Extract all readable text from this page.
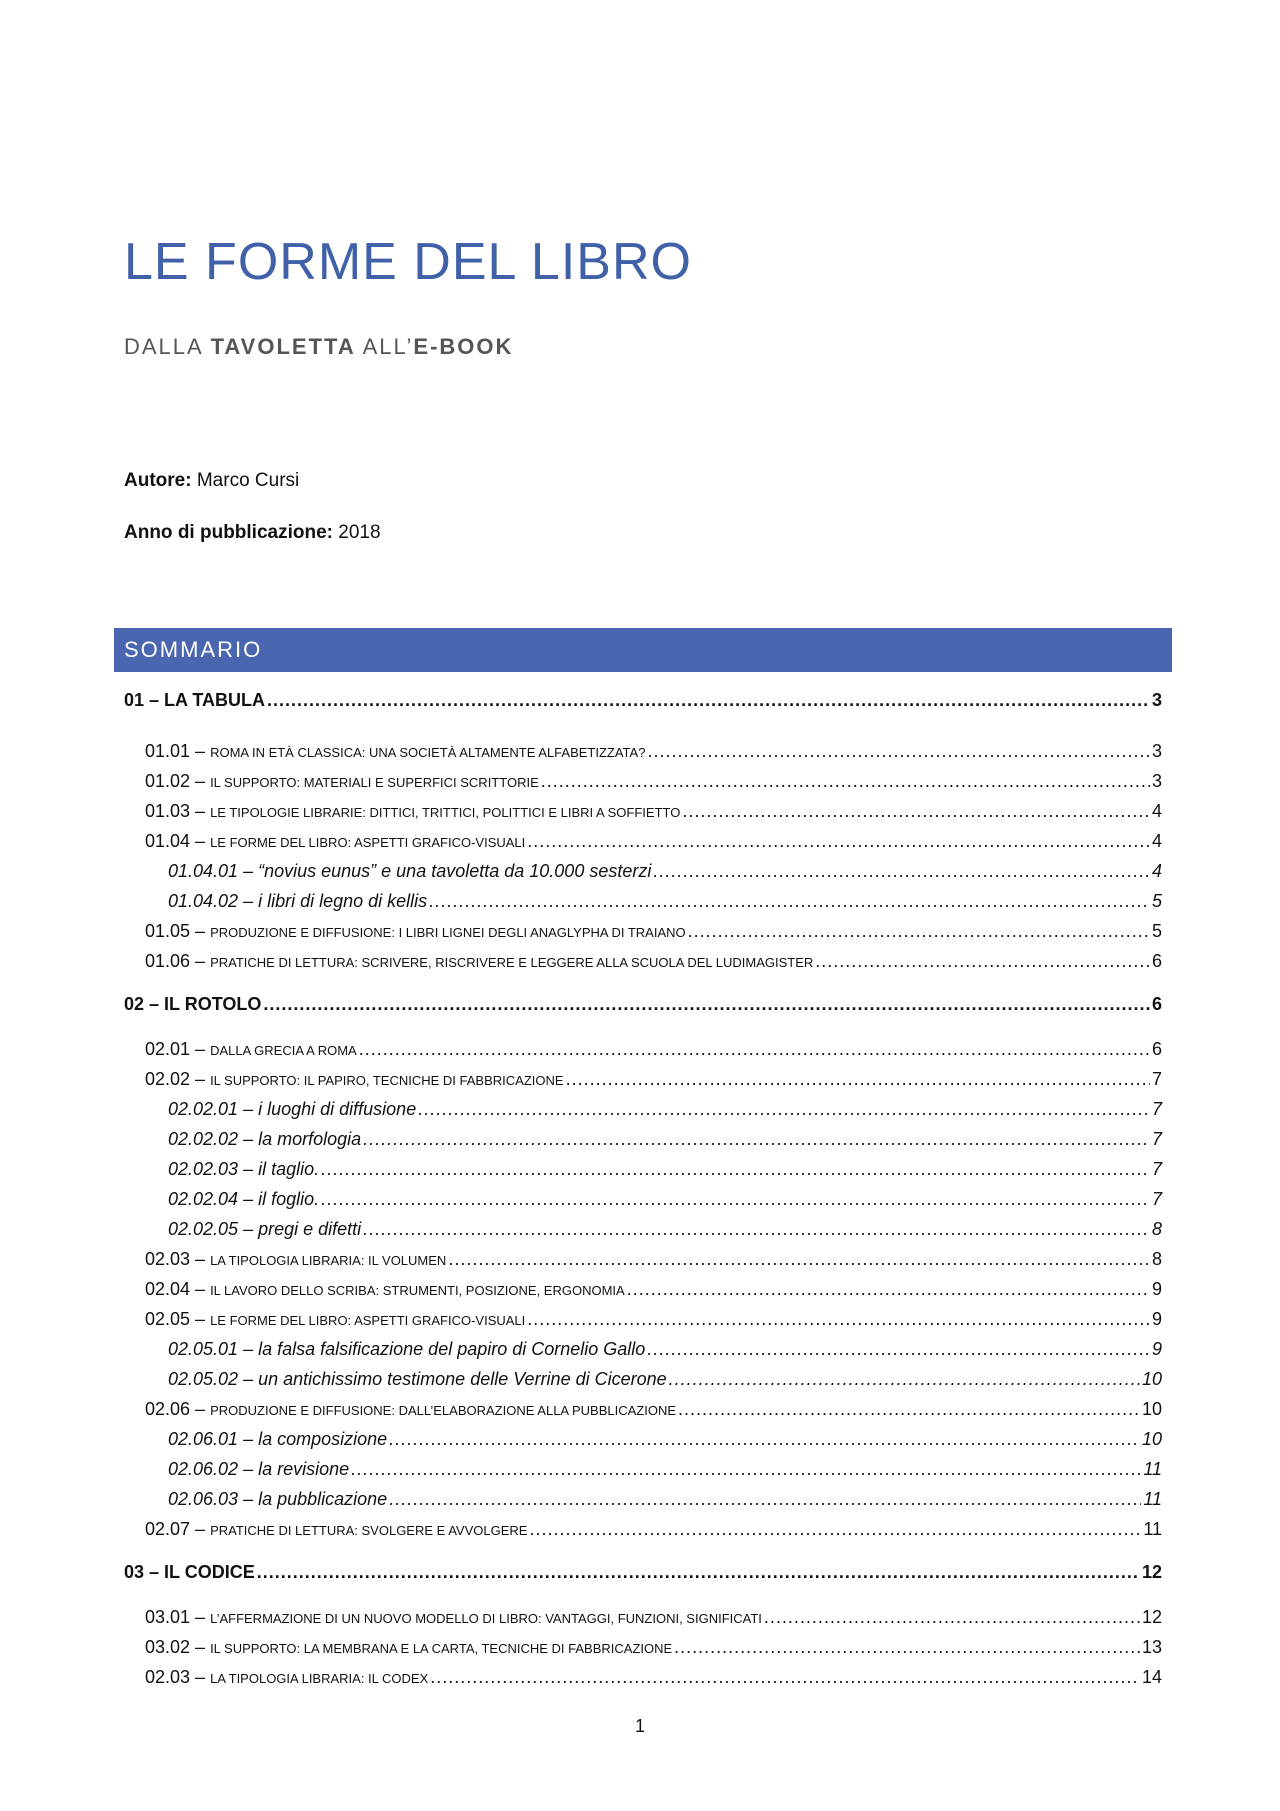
LE FORME DEL LIBRO
DALLA TAVOLETTA ALL’E-BOOK
Autore: Marco Cursi
Anno di pubblicazione: 2018
SOMMARIO
01 – LA TABULA .....	3
01.01 – ROMA IN ETÀ CLASSICA: UNA SOCIETÀ ALTAMENTE ALFABETIZZATA? .....	3
01.02 – IL SUPPORTO: MATERIALI E SUPERFICI SCRITTORIE .....	3
01.03 – LE TIPOLOGIE LIBRARIE: DITTICI, TRITTICI, POLITTICI E LIBRI A SOFFIETTO .....	4
01.04 – LE FORME DEL LIBRO: ASPETTI GRAFICO-VISUALI .....	4
01.04.01 – “novius eunus” e una tavoletta da 10.000 sesterzi .....	4
01.04.02 – i libri di legno di kellis .....	5
01.05 – PRODUZIONE E DIFFUSIONE: I LIBRI LIGNEI DEGLI ANAGLYPHA DI TRAIANO .....	5
01.06 – PRATICHE DI LETTURA: SCRIVERE, RISCRIVERE E LEGGERE ALLA SCUOLA DEL LUDIMAGISTER .....	6
02 – IL ROTOLO .....	6
02.01 – DALLA GRECIA A ROMA .....	6
02.02 – IL SUPPORTO: IL PAPIRO, TECNICHE DI FABBRICAZIONE .....	7
02.02.01 – i luoghi di diffusione .....	7
02.02.02 – la morfologia .....	7
02.02.03 – il taglio. .....	7
02.02.04 – il foglio. .....	7
02.02.05 – pregi e difetti .....	8
02.03 – LA TIPOLOGIA LIBRARIA: IL VOLUMEN .....	8
02.04 – IL LAVORO DELLO SCRIBA: STRUMENTI, POSIZIONE, ERGONOMIA .....	9
02.05 – LE FORME DEL LIBRO: ASPETTI GRAFICO-VISUALI .....	9
02.05.01 – la falsa falsificazione del papiro di Cornelio Gallo .....	9
02.05.02 – un antichissimo testimone delle Verrine di Cicerone .....	10
02.06 – PRODUZIONE E DIFFUSIONE: DALL’ELABORAZIONE ALLA PUBBLICAZIONE .....	10
02.06.01 – la composizione .....	10
02.06.02 – la revisione .....	11
02.06.03 – la pubblicazione .....	11
02.07 – PRATICHE DI LETTURA: SVOLGERE E AVVOLGERE .....	11
03 – IL CODICE .....	12
03.01 – L’AFFERMAZIONE DI UN NUOVO MODELLO DI LIBRO: VANTAGGI, FUNZIONI, SIGNIFICATI .....	12
03.02 – IL SUPPORTO: LA MEMBRANA E LA CARTA, TECNICHE DI FABBRICAZIONE .....	13
02.03 – LA TIPOLOGIA LIBRARIA: IL CODEX .....	14
1
